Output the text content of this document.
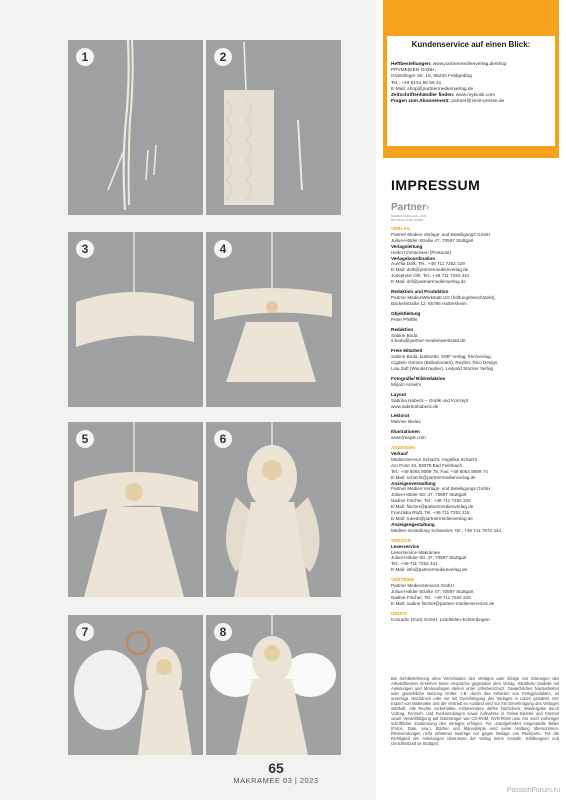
1	2
3	4
5	6
7	8
65
MAKRAMEE 03 | 2023
Kundenservice auf einen Blick:
Heftbestellungen: www.partnermedienverlag.de/shop
PPVMEDIEN GmbH,
Grasslinger Str. 15, 85232 Feldgeding
Tel.: +49 8131 56 55 41
E-Mail: shop@partnermedienverlag.de
Zeitschriftenhändler finden: www.mykiosk.com
Fragen zum Abonnement: partner@zenit-presse.de
IMPRESSUM
Partner›
MEDIEN VERLAGS- UND
BETEILIGUNGS GMBH
VERLAG
Partner Medien Verlags- und Beteiligungs GmbH
Julius-Hölder-Straße 47, 70597 Stuttgart
Verlagsleitung
Heiko Christensen (Prokurist)
Verlagskoordination
Aurelia Dolk, Tel.: +49 711 7252 229
E-Mail: dolk@partnermedienverlag.de
Josephine Ohl, Tel.: +49 711 7252 441
E-Mail: ohl@partnermedienverlag.de
Redaktion und Produktion
Partner MedienWerkstatt UG (haftungsbeschränkt),
Backesstraße 12, 65795 Hattersheim
Objektleitung
Peter Pfeiffer
Redaktion
Sabine Boda
s.boda@partner-medienwerkstatt.de
Freie Mitarbeit
Sabine Boda, buttinette, EMF Verlag, frechverlag,
Cigdem Gomez (Bolkoknotart), Rayher, Rico Design,
Lisa Zaft (Wunderzauber), Leopold Stocker Verlag
Fotografie/ Bildredaktion
Mirjam Anselm
Layout
Sabrina Habeck – Grafik und Konzept
www.sabrinahabeck.de
Lektorat
Melvine Bielas
Illustrationen
www.freepik.com
ANZEIGEN
Verkauf
MedienService Schacht, Angelika Schacht
Am Point 10, 83075 Bad Feilnbach
Tel.: +49 8064 9059 75, Fax: +49 8064 9059 74
E-Mail: schacht@partnermedienverlag.de
Anzeigenverwaltung
Partner Medien Verlags- und Beteiligungs GmbH
Julius-Hölder-Str. 47, 70597 Stuttgart
Nadine Fischer, Tel.: +49 711 7252 225
E-Mail: fischer@partnermedienverlag.de
Franziska Rüdt, Tel. +49 711 7252 216
E-Mail: rueedt@partnermedienverlag.de
Anzeigengestaltung
Medien-Gestaltung Schweizer, Tel.: +49 711 7874 444
SERVICE
Leserservice
Leserservice Makramee
Julius-Hölder-Str. 47, 70597 Stuttgart
Tel.: +49 711 7252 441
E-Mail: info@partnermedienverlag.de
VERTRIEB
Partner Medienservices GmbH
Julius-Hölder-Straße 47, 70597 Stuttgart
Nadine Fischer, Tel.: +49 711 7252 225
E-Mail: nadine.fischer@partner-medienservices.de
DRUCK
Konradin Druck GmbH, Leinfelden-Echterdingen
Bei Nichtbelieferung ohne Verschulden des Verlages oder infolge von Störungen des Arbeitsfriedens bestehen keine Ansprüche gegenüber dem Verlag. Sämtliche Modelle mit Anleitungen und Motivvorlagen stehen unter Urheberschutz. Gewerbliches Nacharbeiten oder gewerbliche Nutzung Dritter, z.B. durch das Anbieten von Fertigprodukten, ist untersagt. Nachdruck oder nur mit Genehmigung des Verlages in Listen gestattet. Der Export von Materialen und der Vertrieb im Ausland sind nur mit Genehmigung des Verlages statthaft. Alle Rechte vorbehalten. Insbesondere dürfen Nachdruck, Wiedergabe durch Vortrag, Fernseh- und Funksendungen sowie Aufnahme in Online-Dienste und Internet sowie Vervielfältigung auf Datenträger wie CD-ROM, DVD-ROM usw. nur nach vorheriger schriftlicher Zustimmung des Verlages erfolgen. Für unaufgefordert eingesandte Bilder (Fotos, Dias, usw.), Bücher und Manuskripte wird keine Haftung übernommen. Rücksendungen nicht erbetener Beiträge nur gegen Beilage von Rückporto. Für die Richtigkeit der Anleitungen übernimmt der Verlag keine Gewähr. Erfüllungsort und Gerichtsstand ist Stuttgart.
PassionForum.ru
